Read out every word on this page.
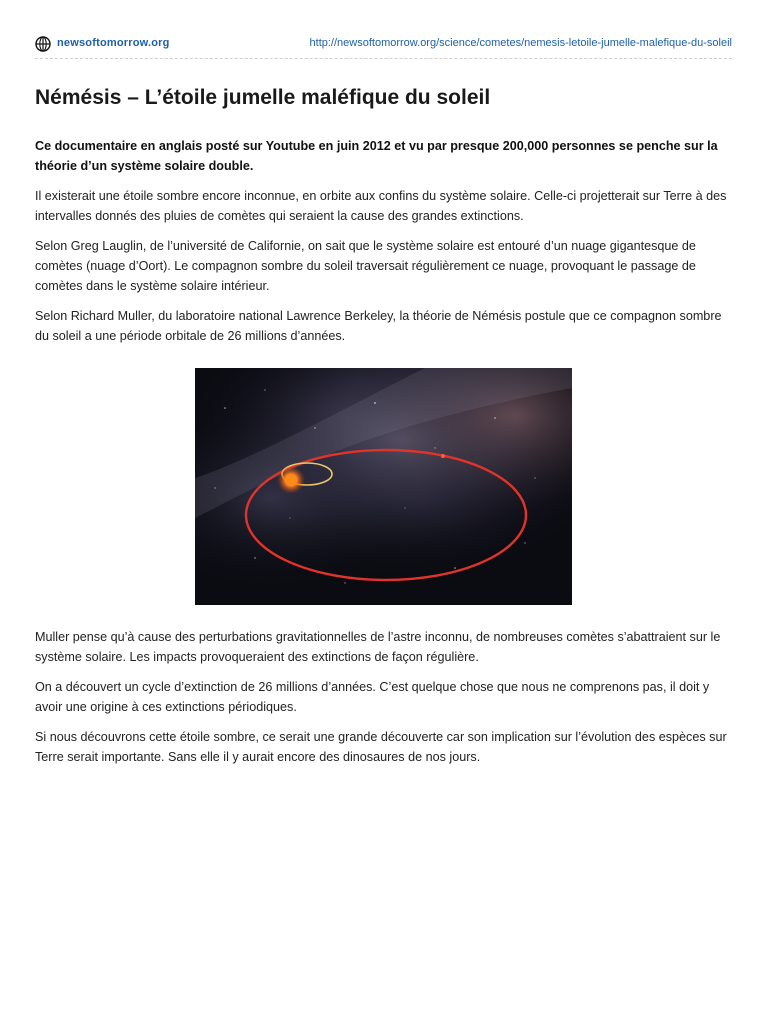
newsoftomorrow.org	http://newsoftomorrow.org/science/cometes/nemesis-letoile-jumelle-malefique-du-soleil
Némésis – L’étoile jumelle maléfique du soleil

Ce documentaire en anglais posté sur Youtube en juin 2012 et vu par presque 200,000 personnes se penche sur la théorie d’un système solaire double.

Il existerait une étoile sombre encore inconnue, en orbite aux confins du système solaire. Celle-ci projetterait sur Terre à des intervalles donnés des pluies de comètes qui seraient la cause des grandes extinctions.

Selon Greg Lauglin, de l’université de Californie, on sait que le système solaire est entouré d’un nuage gigantesque de comètes (nuage d’Oort). Le compagnon sombre du soleil traversait régulièrement ce nuage, provoquant le passage de comètes dans le système solaire intérieur.

Selon Richard Muller, du laboratoire national Lawrence Berkeley, la théorie de Némésis postule que ce compagnon sombre du soleil a une période orbitale de 26 millions d’années.

Muller pense qu’à cause des perturbations gravitationnelles de l’astre inconnu, de nombreuses comètes s’abattraient sur le système solaire. Les impacts provoqueraient des extinctions de façon régulière.

On a découvert un cycle d’extinction de 26 millions d’années. C’est quelque chose que nous ne comprenons pas, il doit y avoir une origine à ces extinctions périodiques.

Si nous découvrons cette étoile sombre, ce serait une grande découverte car son implication sur l’évolution des espèces sur Terre serait importante. Sans elle il y aurait encore des dinosaures de nos jours.
